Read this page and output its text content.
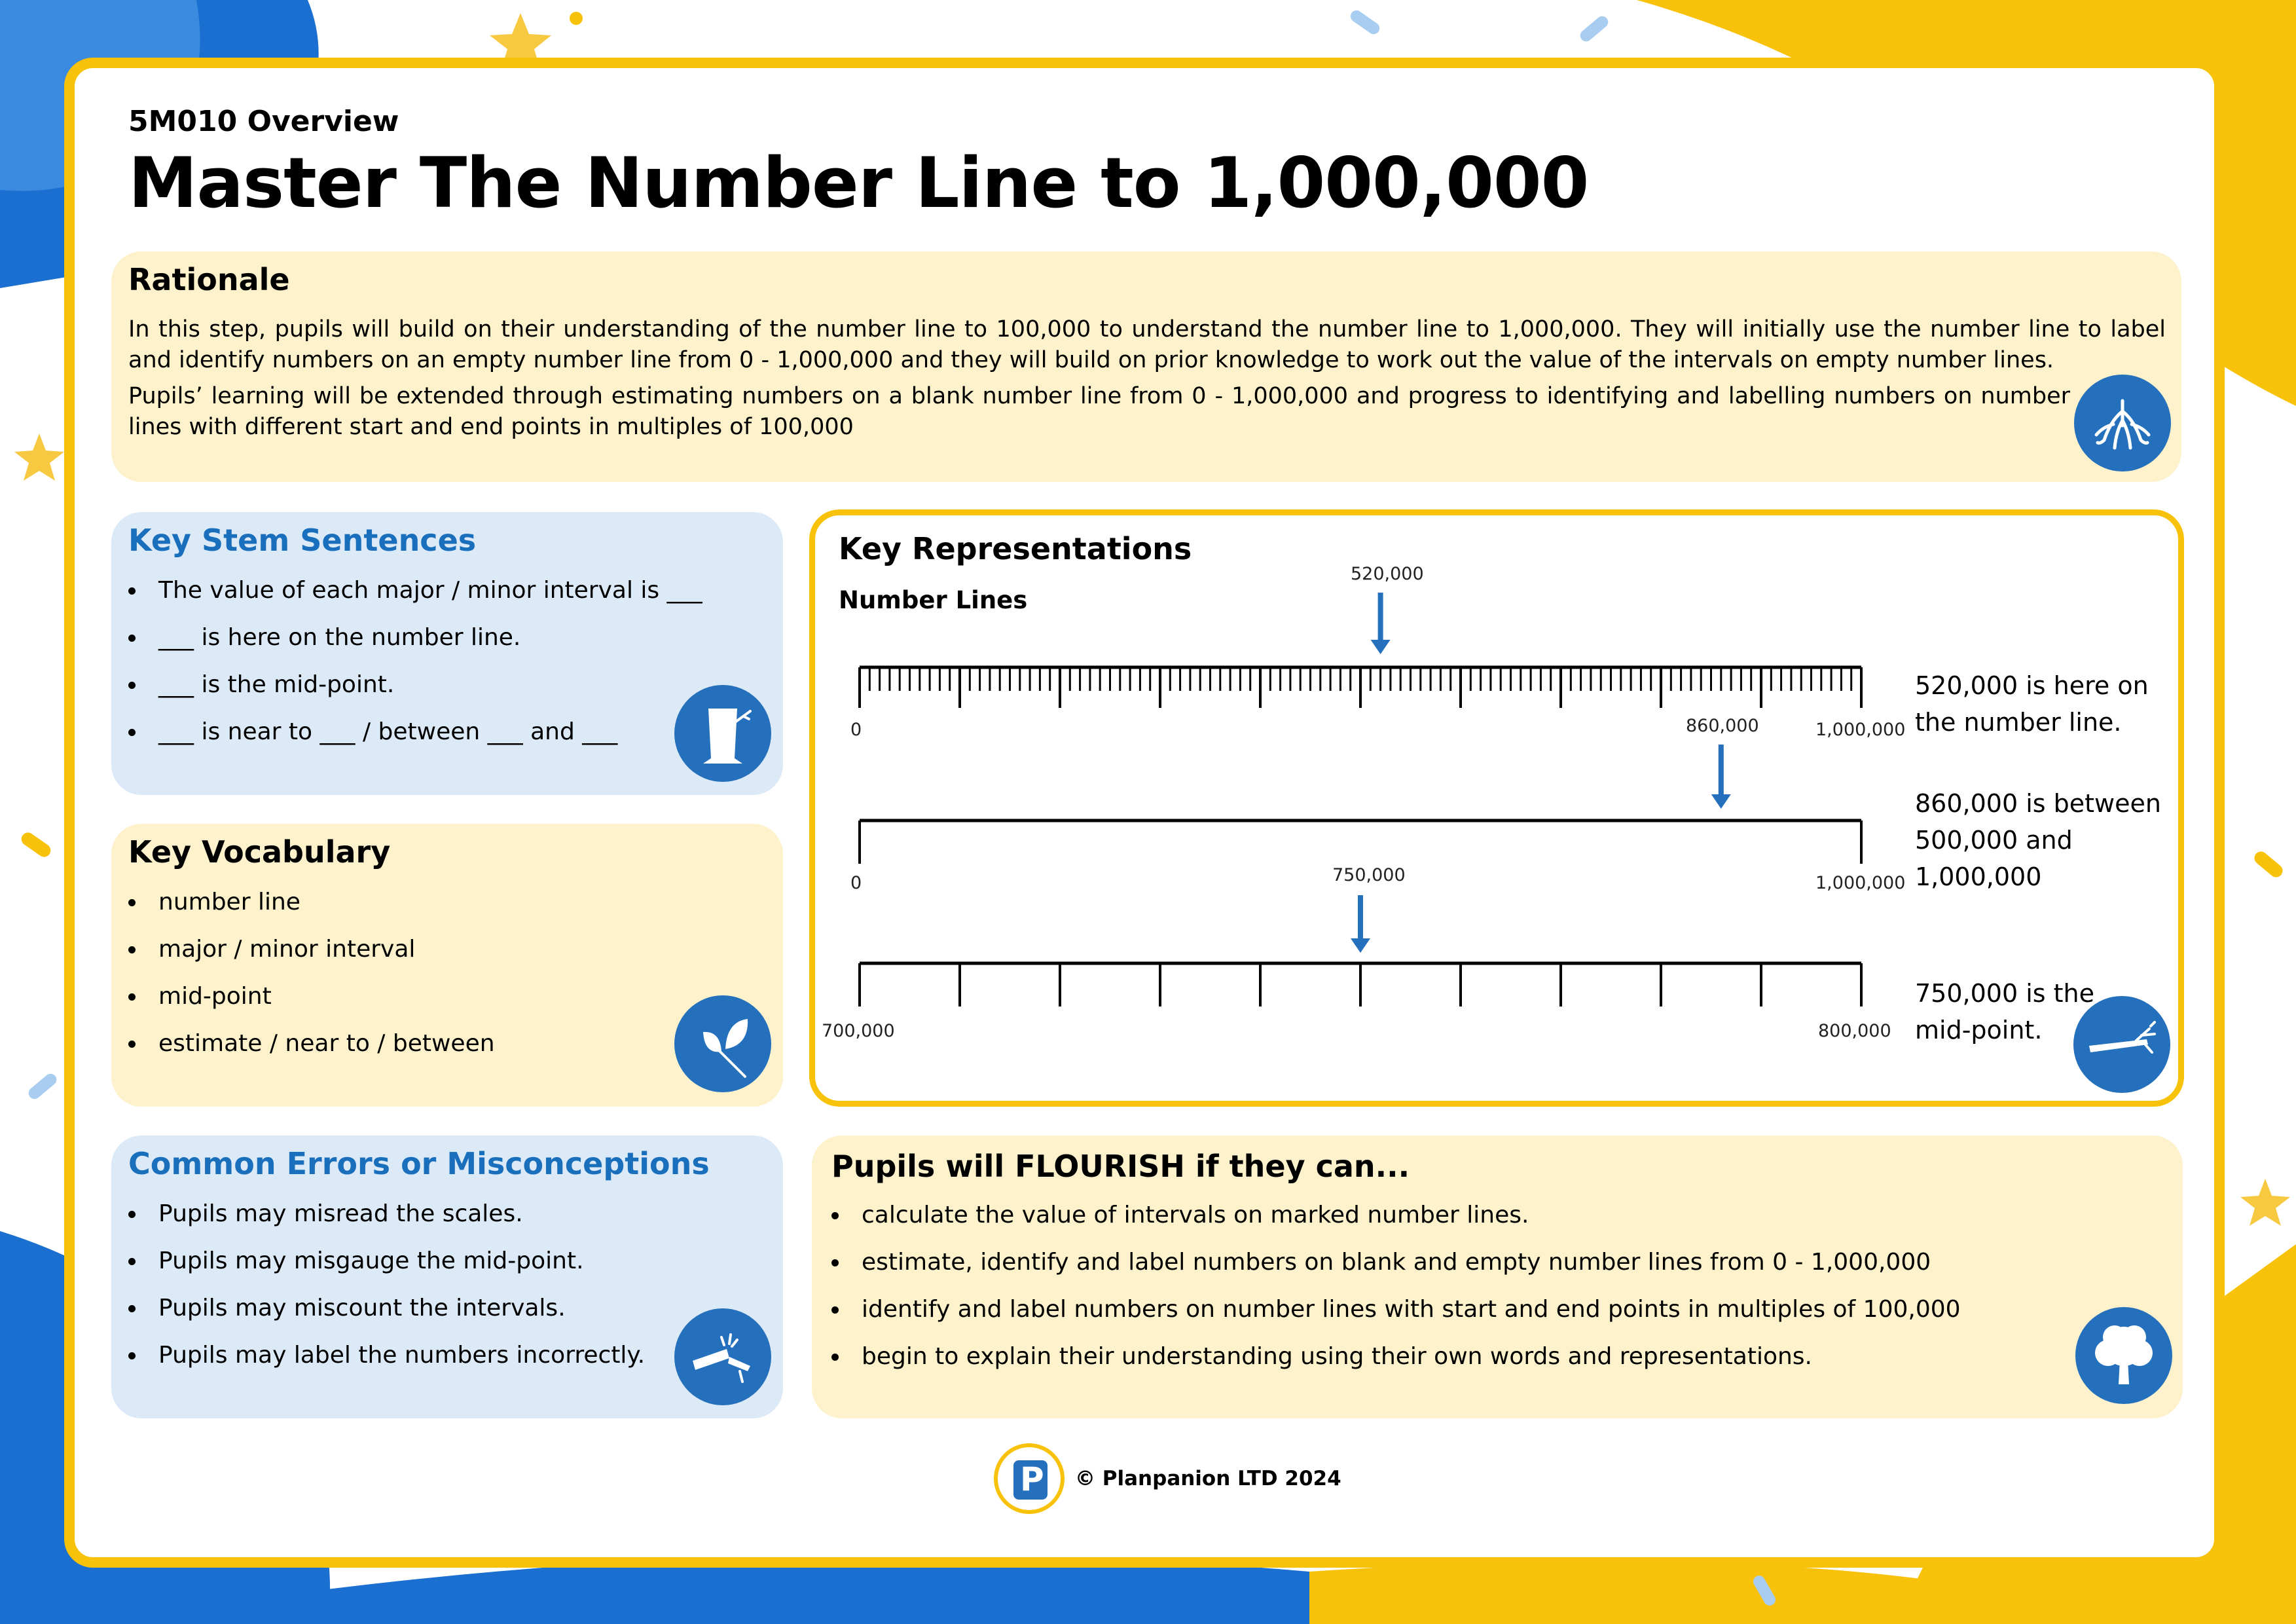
5M010 Overview
Master The Number Line to 1,000,000
Rationale
In this step, pupils will build on their understanding of the number line to 100,000 to understand the number line to 1,000,000. They will initially use the number line to label and identify numbers on an empty number line from 0 - 1,000,000 and they will build on prior knowledge to work out the value of the intervals on empty number lines.
Pupils’ learning will be extended through estimating numbers on a blank number line from 0 - 1,000,000 and progress to identifying and labelling numbers on number lines with different start and end points in multiples of 100,000
Key Stem Sentences
The value of each major / minor interval is ___
___ is here on the number line.
___ is the mid-point.
___ is near to ___ / between ___ and ___
Key Vocabulary
number line
major / minor interval
mid-point
estimate / near to / between
Common Errors or Misconceptions
Pupils may misread the scales.
Pupils may misgauge the mid-point.
Pupils may miscount the intervals.
Pupils may label the numbers incorrectly.
Key Representations
Number Lines
520,000
0	1,000,000
520,000 is here on
the number line.
860,000
0	1,000,000
860,000 is between
500,000 and
1,000,000
750,000
700,000	800,000
750,000 is the
mid-point.
Pupils will FLOURISH if they can...
calculate the value of intervals on marked number lines.
estimate, identify and label numbers on blank and empty number lines from 0 - 1,000,000
identify and label numbers on number lines with start and end points in multiples of 100,000
begin to explain their understanding using their own words and representations.
P © Planpanion LTD 2024
